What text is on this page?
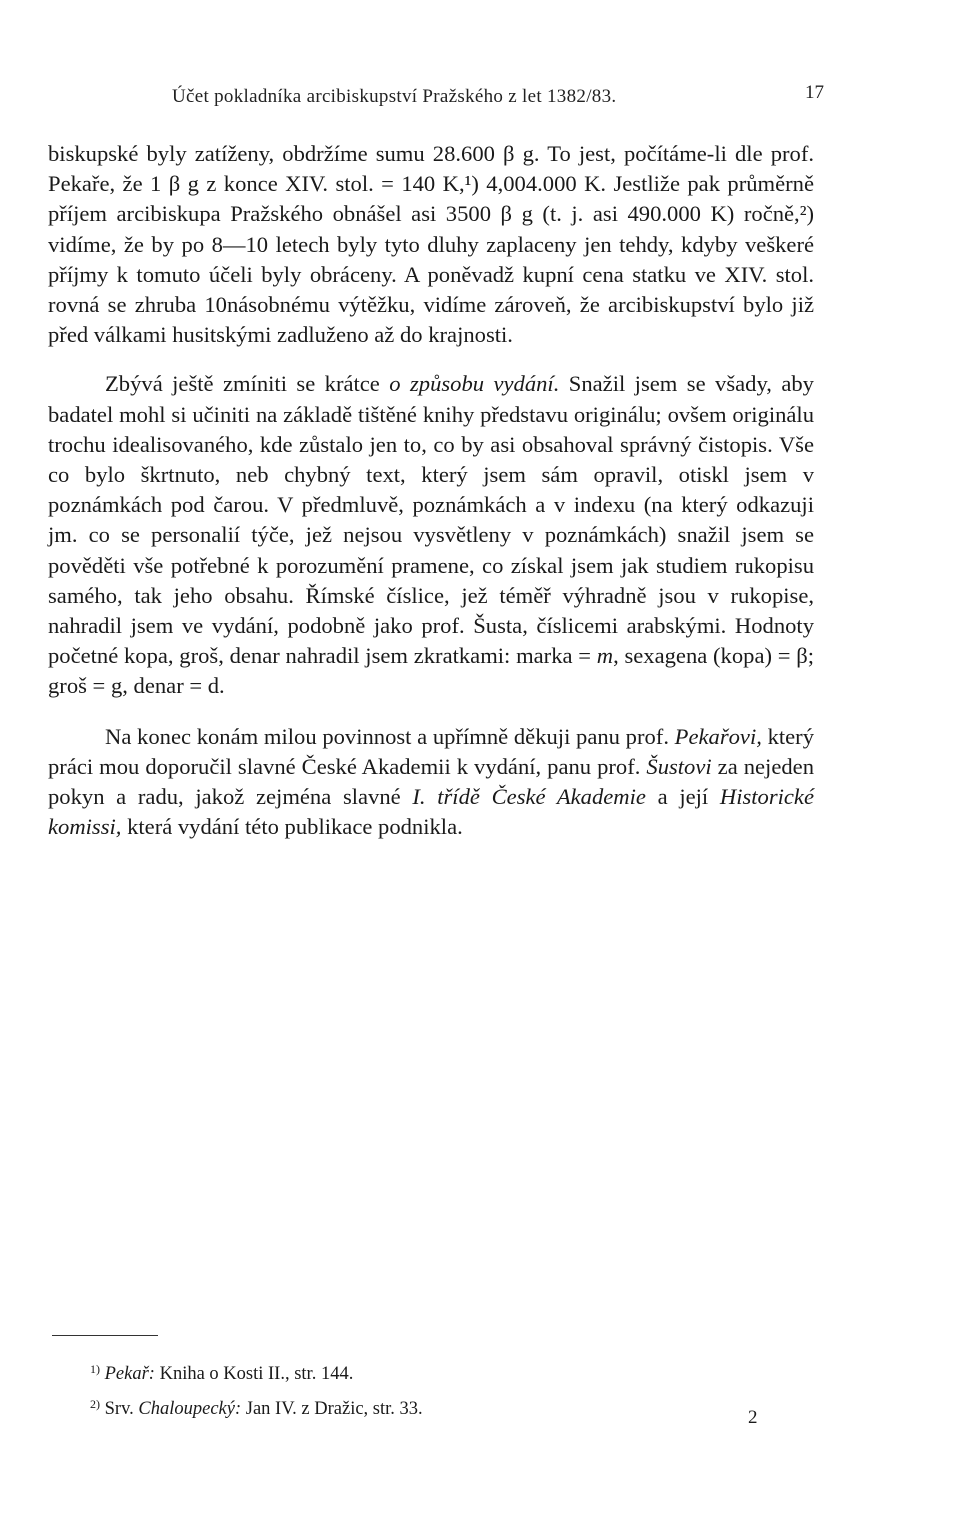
Účet pokladníka arcibiskupství Pražského z let 1382/83.	17

biskupské byly zatíženy, obdržíme sumu 28.600 β g. To jest, počítáme-li dle prof. Pekaře, že 1 β g z konce XIV. stol. = 140 K,¹) 4,004.000 K. Jestliže pak průměrně příjem arcibiskupa Pražského obnášel asi 3500 β g (t. j. asi 490.000 K) ročně,²) vidíme, že by po 8—10 letech byly tyto dluhy zaplaceny jen tehdy, kdyby veškeré příjmy k tomuto účeli byly obráceny. A poněvadž kupní cena statku ve XIV. stol. rovná se zhruba 10násobnému výtěžku, vidíme zároveň, že arcibiskupství bylo již před válkami husitskými zadluženo až do krajnosti.

Zbývá ještě zmíniti se krátce o způsobu vydání. Snažil jsem se všady, aby badatel mohl si učiniti na základě tištěné knihy představu originálu; ovšem originálu trochu idealisovaného, kde zůstalo jen to, co by asi obsahoval správný čistopis. Vše co bylo škrtnuto, neb chybný text, který jsem sám opravil, otiskl jsem v poznámkách pod čarou. V předmluvě, poznámkách a v indexu (na který odkazuji jm. co se personalií týče, jež nejsou vysvětleny v poznámkách) snažil jsem se pověděti vše potřebné k porozumění pramene, co získal jsem jak studiem rukopisu samého, tak jeho obsahu. Římské číslice, jež téměř výhradně jsou v rukopise, nahradil jsem ve vydání, podobně jako prof. Šusta, číslicemi arabskými. Hodnoty početné kopa, groš, denar nahradil jsem zkratkami: marka = m, sexagena (kopa) = β; groš = g, denar = d.

Na konec konám milou povinnost a upřímně děkuji panu prof. Pekařovi, který práci mou doporučil slavné České Akademii k vydání, panu prof. Šustovi za nejeden pokyn a radu, jakož zejména slavné I. třídě České Akademie a její Historické komissi, která vydání této publikace podnikla.

$^{1)}$ Pekař: Kniha o Kosti II., str. 144.
$^{2)}$ Srv. Chaloupecký: Jan IV. z Dražic, str. 33.	2
